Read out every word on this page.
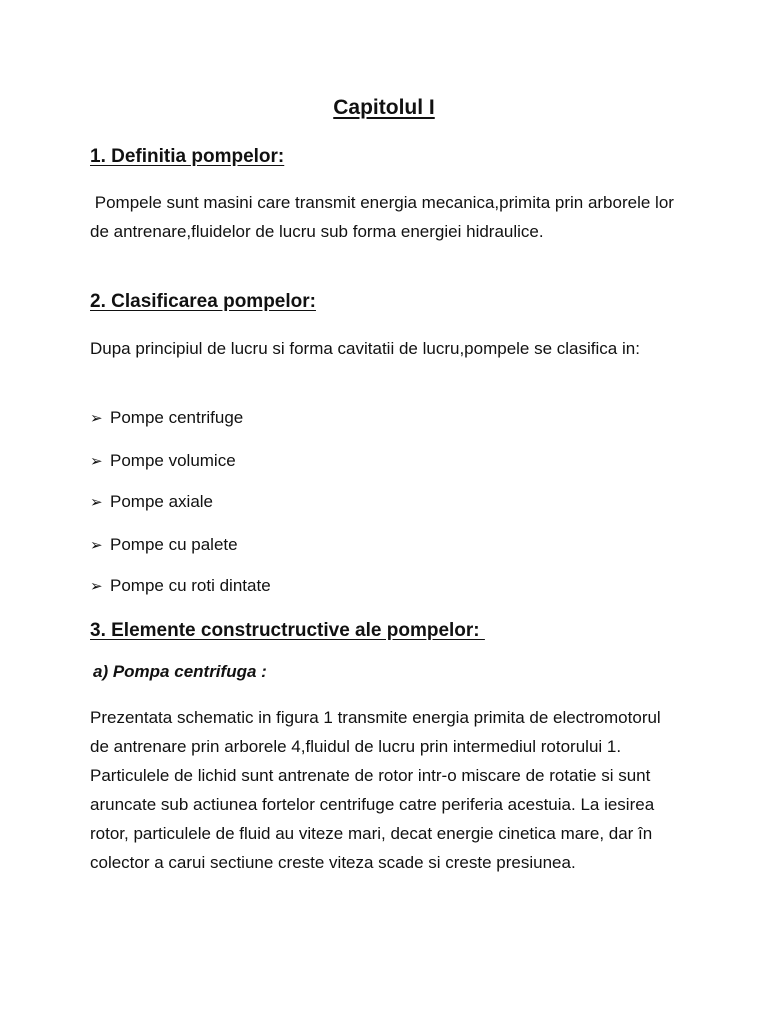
Capitolul I
1. Definitia pompelor:
Pompele sunt masini care transmit energia mecanica,primita prin arborele lor de antrenare,fluidelor de lucru sub forma energiei hidraulice.
2. Clasificarea pompelor:
Dupa principiul de lucru si forma cavitatii de lucru,pompele se clasifica in:
➢ Pompe centrifuge
➢ Pompe volumice
➢ Pompe axiale
➢ Pompe cu palete
➢ Pompe cu roti dintate
3. Elemente constructructive ale pompelor:
a) Pompa centrifuga :
Prezentata schematic in figura 1 transmite energia primita de electromotorul de antrenare prin arborele 4,fluidul de lucru prin intermediul rotorului 1. Particulele de lichid sunt antrenate de rotor intr-o miscare de rotatie si sunt aruncate sub actiunea fortelor centrifuge catre periferia acestuia. La iesirea rotor, particulele de fluid au viteze mari, decat energie cinetica mare, dar în colector a carui sectiune creste viteza scade si creste presiunea.
